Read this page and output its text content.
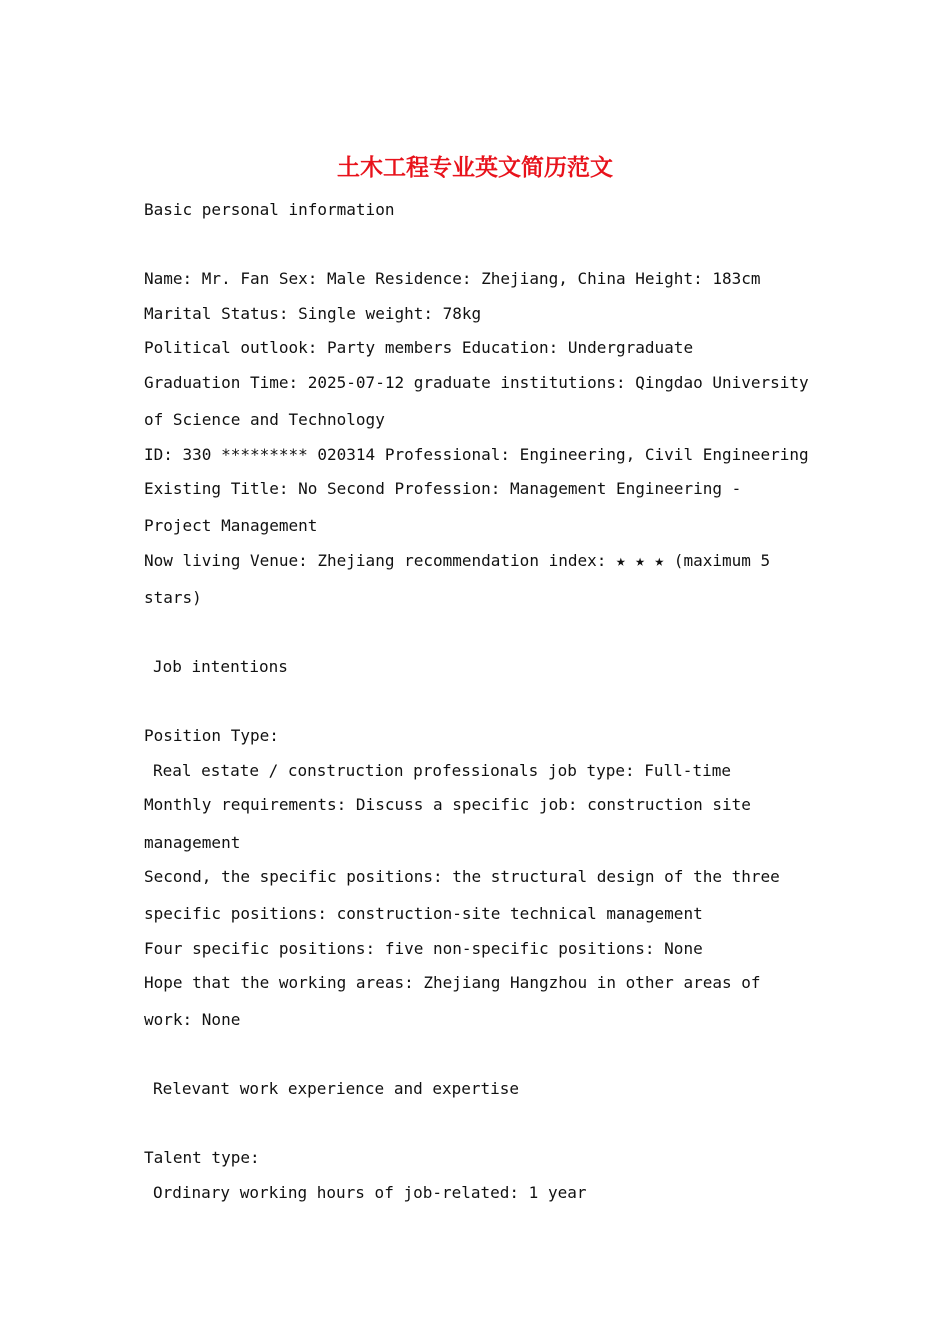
土木工程专业英文简历范文
Basic personal information
Name: Mr. Fan Sex: Male Residence: Zhejiang, China Height: 183cm
Marital Status: Single weight: 78kg
Political outlook: Party members Education: Undergraduate
Graduation Time: 2025-07-12 graduate institutions: Qingdao University
of Science and Technology
ID: 330 ********* 020314 Professional: Engineering, Civil Engineering
Existing Title: No Second Profession: Management Engineering -
Project Management
Now living Venue: Zhejiang recommendation index: ★ ★ ★ (maximum 5
stars)
Job intentions
Position Type:
Real estate / construction professionals job type: Full-time
Monthly requirements: Discuss a specific job: construction site
management
Second, the specific positions: the structural design of the three
specific positions: construction-site technical management
Four specific positions: five non-specific positions: None
Hope that the working areas: Zhejiang Hangzhou in other areas of
work: None
Relevant work experience and expertise
Talent type:
Ordinary working hours of job-related: 1 year
